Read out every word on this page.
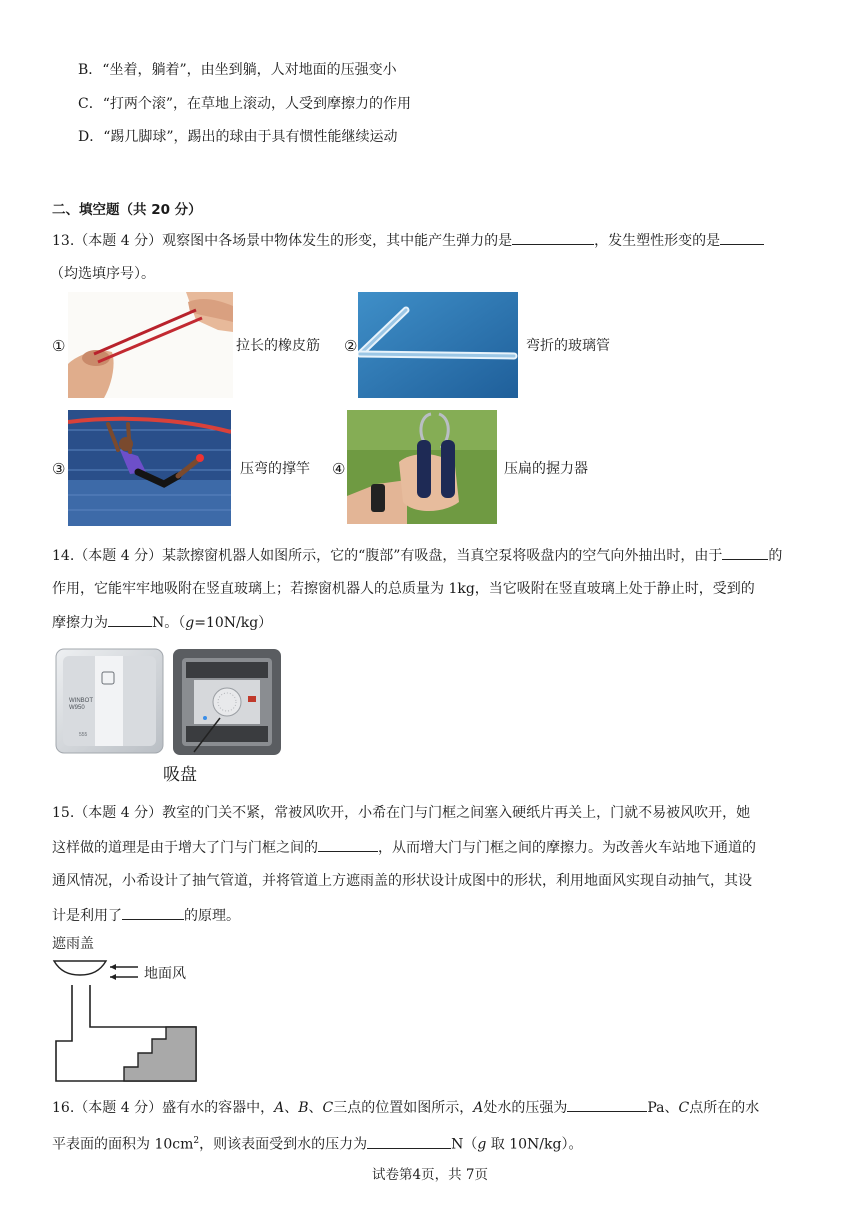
B．“坐着，躺着”，由坐到躺，人对地面的压强变小
C．“打两个滚”，在草地上滚动，人受到摩擦力的作用
D．“踢几脚球”，踢出的球由于具有惯性能继续运动
二、填空题（共 20 分）
13.（本题 4 分）观察图中各场景中物体发生的形变，其中能产生弹力的是	，发生塑性形变的是
（均选填序号）。
①	拉长的橡皮筋 ②	弯折的玻璃管
③	压弯的撑竿 ④	压扁的握力器
14.（本题 4 分）某款擦窗机器人如图所示，它的“腹部”有吸盘，当真空泵将吸盘内的空气向外抽出时，由于	的
作用，它能牢牢地吸附在竖直玻璃上；若擦窗机器人的总质量为 1kg，当它吸附在竖直玻璃上处于静止时，受到的
摩擦力为	N。（g=10N/kg）
WINBOT
W950
555
吸盘
15.（本题 4 分）教室的门关不紧，常被风吹开，小希在门与门框之间塞入硬纸片再关上，门就不易被风吹开，她
这样做的道理是由于增大了门与门框之间的	，从而增大门与门框之间的摩擦力。为改善火车站地下通道的
通风情况，小希设计了抽气管道，并将管道上方遮雨盖的形状设计成图中的形状，利用地面风实现自动抽气，其设
计是利用了	的原理。
遮雨盖
地面风
16.（本题 4 分）盛有水的容器中，A、B、C三点的位置如图所示，A处水的压强为	Pa、C点所在的水
平表面的面积为 $10cm^2$，则该表面受到水的压力为	N（g 取 10N/kg）。
试卷第4页，共 7页
